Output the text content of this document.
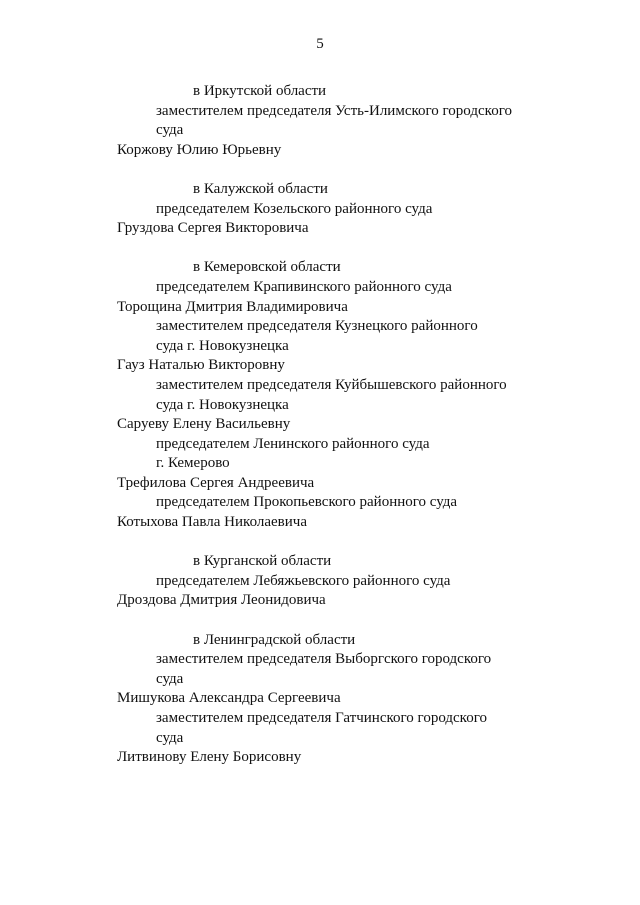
5
в Иркутской области
заместителем председателя Усть-Илимского городского
суда
Коржову Юлию Юрьевну
в Калужской области
председателем Козельского районного суда
Груздова Сергея Викторовича
в Кемеровской области
председателем Крапивинского районного суда
Торощина Дмитрия Владимировича
заместителем председателя Кузнецкого районного
суда г. Новокузнецка
Гауз Наталью Викторовну
заместителем председателя Куйбышевского районного
суда г. Новокузнецка
Саруеву Елену Васильевну
председателем Ленинского районного суда
г. Кемерово
Трефилова Сергея Андреевича
председателем Прокопьевского районного суда
Котыхова Павла Николаевича
в Курганской области
председателем Лебяжьевского районного суда
Дроздова Дмитрия Леонидовича
в Ленинградской области
заместителем председателя Выборгского городского
суда
Мишукова Александра Сергеевича
заместителем председателя Гатчинского городского
суда
Литвинову Елену Борисовну
